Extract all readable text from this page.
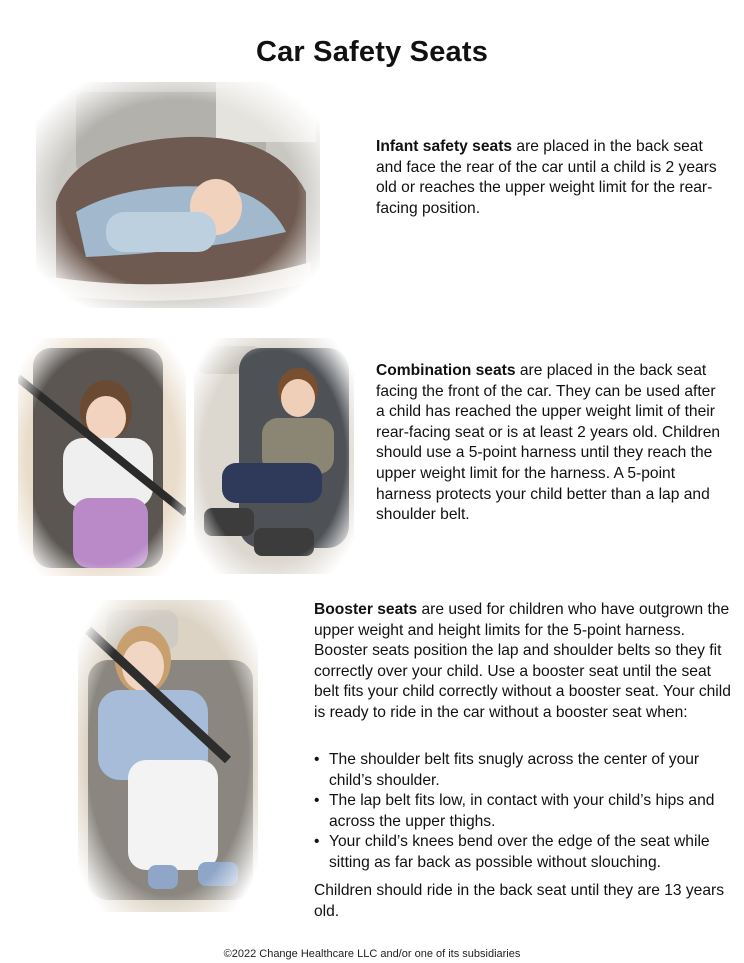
Car Safety Seats

Infant safety seats are placed in the back seat and face the rear of the car until a child is 2 years old or reaches the upper weight limit for the rear-facing position.

Combination seats are placed in the back seat facing the front of the car. They can be used after a child has reached the upper weight limit of their rear-facing seat or is at least 2 years old. Children should use a 5-point harness until they reach the upper weight limit for the harness. A 5-point harness protects your child better than a lap and shoulder belt.

Booster seats are used for children who have outgrown the upper weight and height limits for the 5-point harness. Booster seats position the lap and shoulder belts so they fit correctly over your child. Use a booster seat until the seat belt fits your child correctly without a booster seat. Your child is ready to ride in the car without a booster seat when:

• The shoulder belt fits snugly across the center of your child’s shoulder.
• The lap belt fits low, in contact with your child’s hips and across the upper thighs.
• Your child’s knees bend over the edge of the seat while sitting as far back as possible without slouching.

Children should ride in the back seat until they are 13 years old.

©2022 Change Healthcare LLC and/or one of its subsidiaries
